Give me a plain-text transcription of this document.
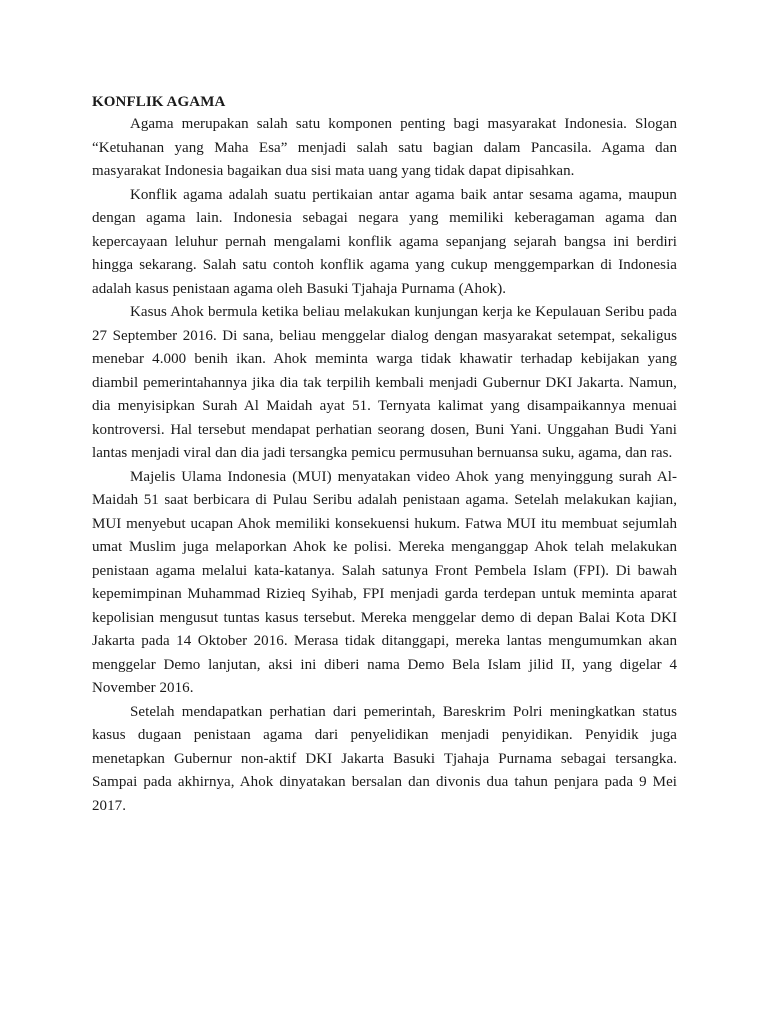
KONFLIK AGAMA

Agama merupakan salah satu komponen penting bagi masyarakat Indonesia. Slogan “Ketuhanan yang Maha Esa” menjadi salah satu bagian dalam Pancasila. Agama dan masyarakat Indonesia bagaikan dua sisi mata uang yang tidak dapat dipisahkan.

Konflik agama adalah suatu pertikaian antar agama baik antar sesama agama, maupun dengan agama lain. Indonesia sebagai negara yang memiliki keberagaman agama dan kepercayaan leluhur pernah mengalami konflik agama sepanjang sejarah bangsa ini berdiri hingga sekarang. Salah satu contoh konflik agama yang cukup menggemparkan di Indonesia adalah kasus penistaan agama oleh Basuki Tjahaja Purnama (Ahok).

Kasus Ahok bermula ketika beliau melakukan kunjungan kerja ke Kepulauan Seribu pada 27 September 2016. Di sana, beliau menggelar dialog dengan masyarakat setempat, sekaligus menebar 4.000 benih ikan. Ahok meminta warga tidak khawatir terhadap kebijakan yang diambil pemerintahannya jika dia tak terpilih kembali menjadi Gubernur DKI Jakarta. Namun, dia menyisipkan Surah Al Maidah ayat 51. Ternyata kalimat yang disampaikannya menuai kontroversi. Hal tersebut mendapat perhatian seorang dosen, Buni Yani. Unggahan Budi Yani lantas menjadi viral dan dia jadi tersangka pemicu permusuhan bernuansa suku, agama, dan ras.

Majelis Ulama Indonesia (MUI) menyatakan video Ahok yang menyinggung surah Al-Maidah 51 saat berbicara di Pulau Seribu adalah penistaan agama. Setelah melakukan kajian, MUI menyebut ucapan Ahok memiliki konsekuensi hukum. Fatwa MUI itu membuat sejumlah umat Muslim juga melaporkan Ahok ke polisi. Mereka menganggap Ahok telah melakukan penistaan agama melalui kata-katanya. Salah satunya Front Pembela Islam (FPI). Di bawah kepemimpinan Muhammad Rizieq Syihab, FPI menjadi garda terdepan untuk meminta aparat kepolisian mengusut tuntas kasus tersebut. Mereka menggelar demo di depan Balai Kota DKI Jakarta pada 14 Oktober 2016. Merasa tidak ditanggapi, mereka lantas mengumumkan akan menggelar Demo lanjutan, aksi ini diberi nama Demo Bela Islam jilid II, yang digelar 4 November 2016.

Setelah mendapatkan perhatian dari pemerintah, Bareskrim Polri meningkatkan status kasus dugaan penistaan agama dari penyelidikan menjadi penyidikan. Penyidik juga menetapkan Gubernur non-aktif DKI Jakarta Basuki Tjahaja Purnama sebagai tersangka. Sampai pada akhirnya, Ahok dinyatakan bersalan dan divonis dua tahun penjara pada 9 Mei 2017.
